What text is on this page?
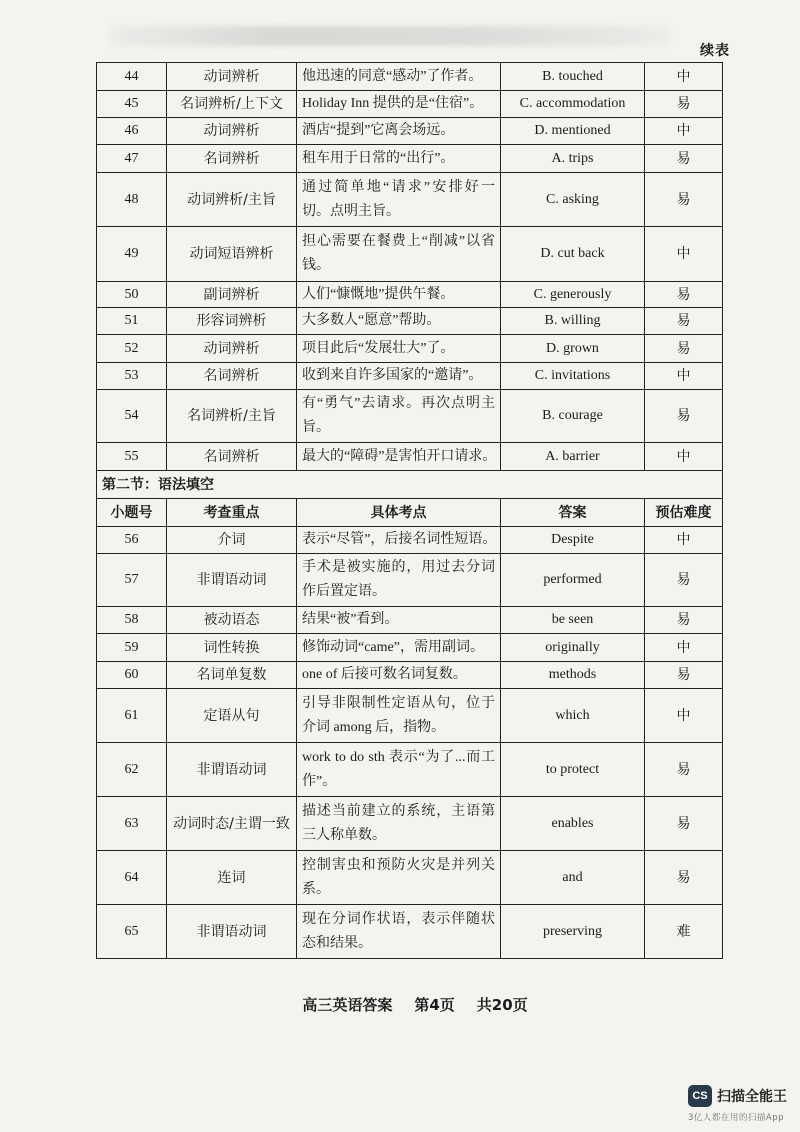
续表
44	动词辨析	他迅速的同意“感动”了作者。	B. touched	中
45	名词辨析/上下文	Holiday Inn 提供的是“住宿”。	C. accommodation	易
46	动词辨析	酒店“提到”它离会场远。	D. mentioned	中
47	名词辨析	租车用于日常的“出行”。	A. trips	易
48	动词辨析/主旨	通过简单地“请求”安排好一切。点明主旨。	C. asking	易
49	动词短语辨析	担心需要在餐费上“削减”以省钱。	D. cut back	中
50	副词辨析	人们“慷慨地”提供午餐。	C. generously	易
51	形容词辨析	大多数人“愿意”帮助。	B. willing	易
52	动词辨析	项目此后“发展壮大”了。	D. grown	易
53	名词辨析	收到来自许多国家的“邀请”。	C. invitations	中
54	名词辨析/主旨	有“勇气”去请求。再次点明主旨。	B. courage	易
55	名词辨析	最大的“障碍”是害怕开口请求。	A. barrier	中
第二节：语法填空				
小题号	考查重点	具体考点	答案	预估难度
56	介词	表示“尽管”，后接名词性短语。	Despite	中
57	非谓语动词	手术是被实施的，用过去分词作后置定语。	performed	易
58	被动语态	结果“被”看到。	be seen	易
59	词性转换	修饰动词“came”，需用副词。	originally	中
60	名词单复数	one of 后接可数名词复数。	methods	易
61	定语从句	引导非限制性定语从句，位于介词 among 后，指物。	which	中
62	非谓语动词	work to do sth 表示“为了...而工作”。	to protect	易
63	动词时态/主谓一致	描述当前建立的系统，主语第三人称单数。	enables	易
64	连词	控制害虫和预防火灾是并列关系。	and	易
65	非谓语动词	现在分词作状语，表示伴随状态和结果。	preserving	难
高三英语答案 第4页 共20页
CS 扫描全能王
3亿人都在用的扫描App
